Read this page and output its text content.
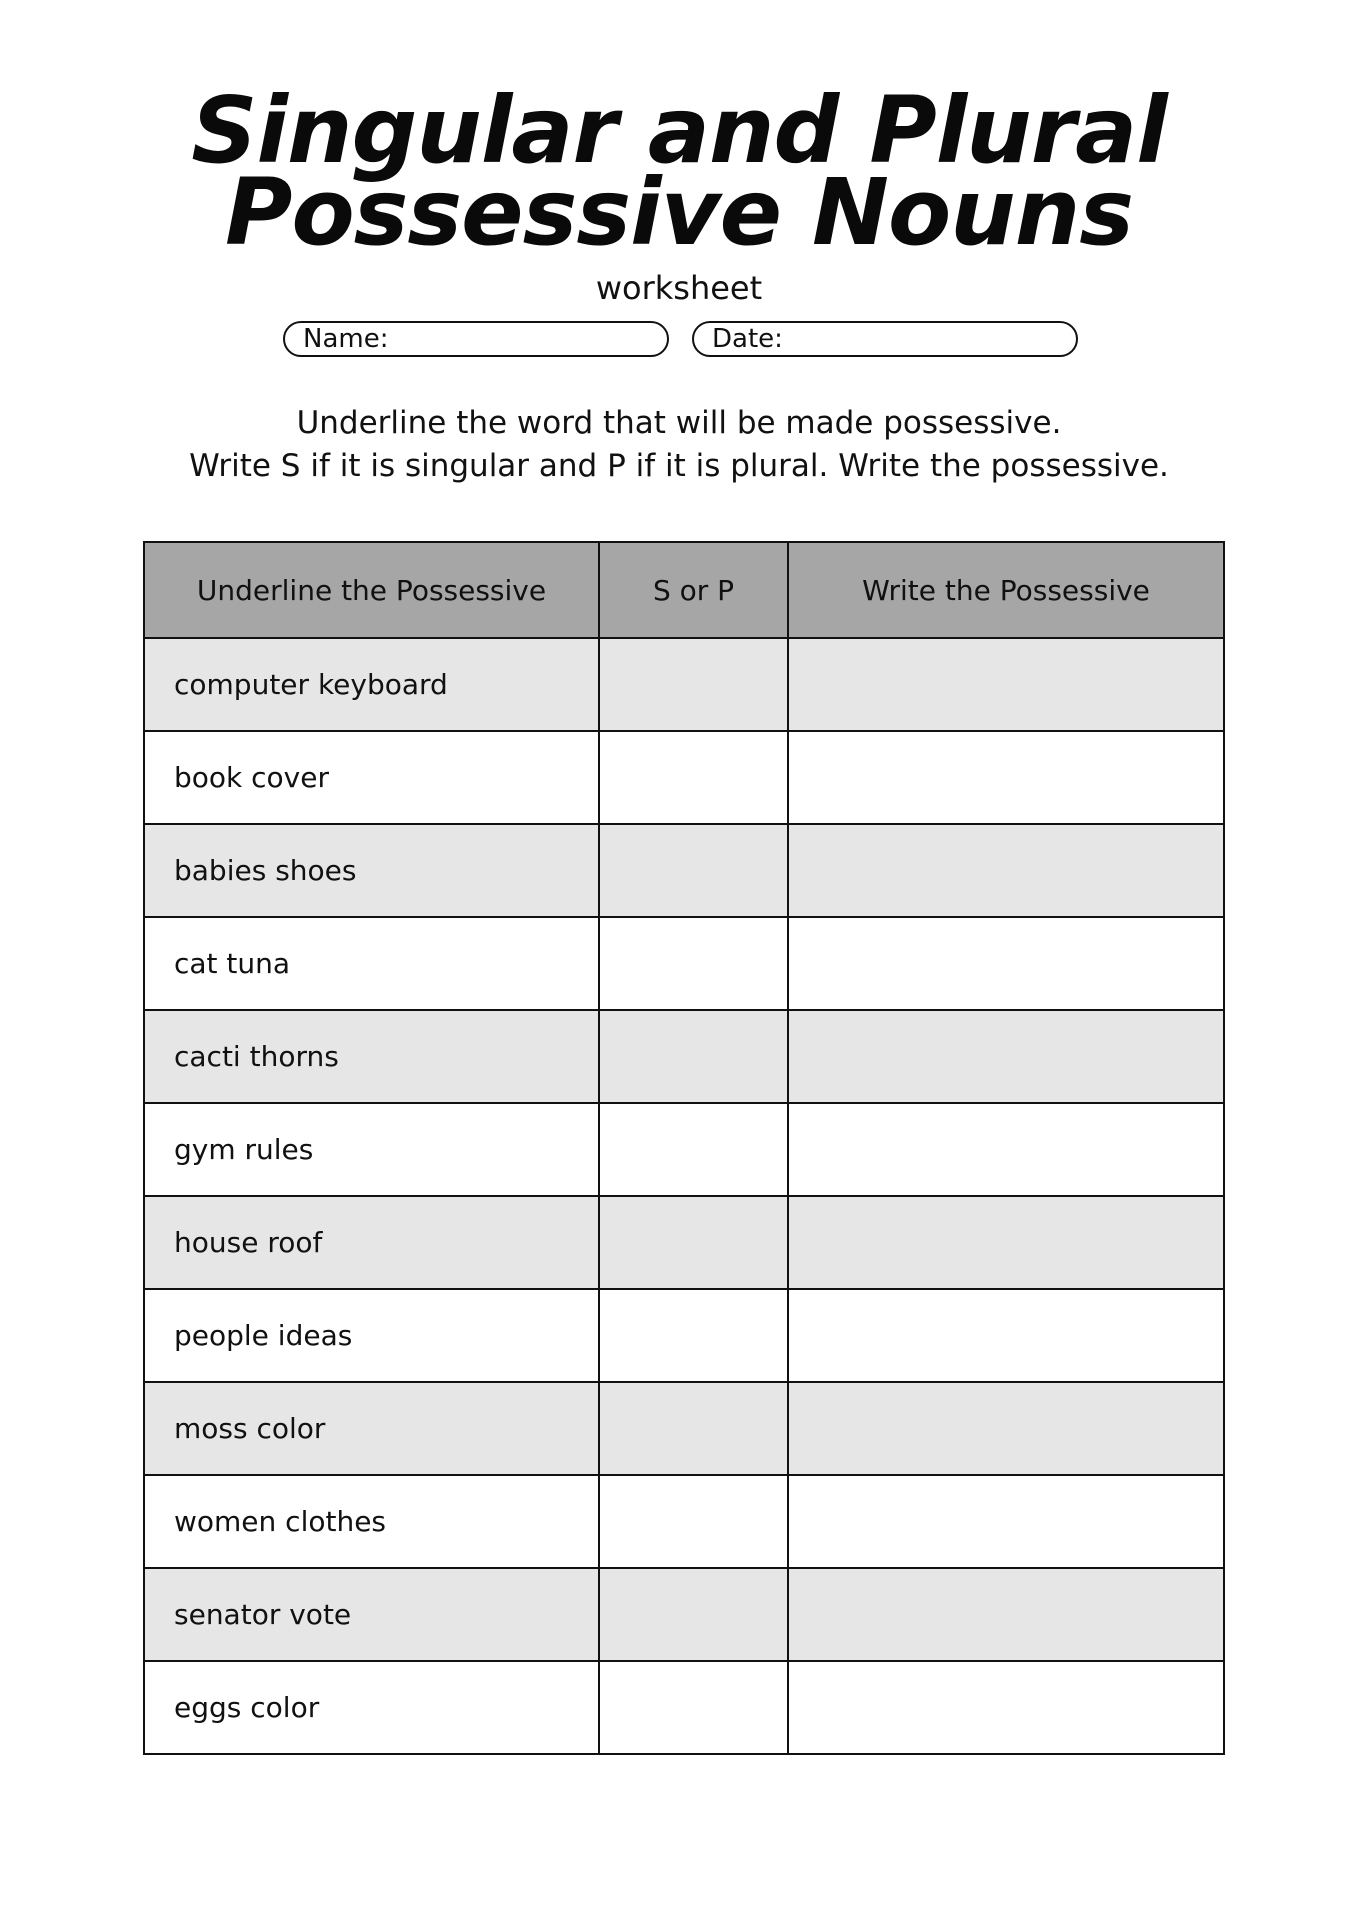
Singular and Plural
Possessive Nouns
worksheet
Name:	Date:
Underline the word that will be made possessive.
Write S if it is singular and P if it is plural. Write the possessive.
Underline the Possessive	S or P	Write the Possessive
computer keyboard		
book cover		
babies shoes		
cat tuna		
cacti thorns		
gym rules		
house roof		
people ideas		
moss color		
women clothes		
senator vote		
eggs color		
